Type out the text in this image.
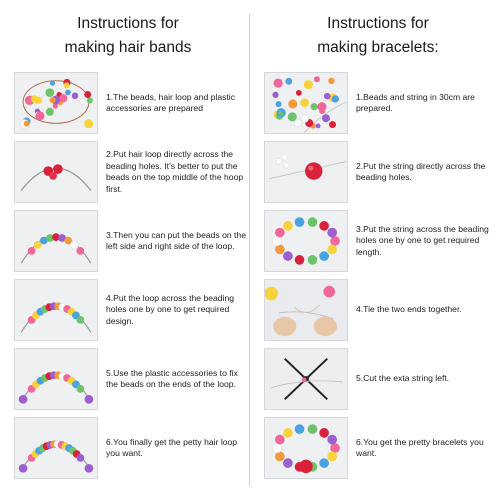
Instructions for
making hair bands
1.The beads, hair loop and plastic accessories are prepared
2.Put hair loop directly across the beading holes. It's better to put the beads on the top middle of the hoop first.
3.Then you can put the beads on the left side and right side of the loop.
4.Put the loop across the beading holes one by one to get required design.
5.Use the plastic accessories to fix the beads on the ends of the loop.
6.You finally get the petty hair loop you want.
Instructions for
making bracelets:
1.Beads and string in 30cm are prepared.
2.Put the string directly across the beading holes.
3.Put the string across the beading holes one by one to get required length.
4.Tie the two ends together.
5.Cut the exta string left.
6.You get the pretty bracelets you want.
